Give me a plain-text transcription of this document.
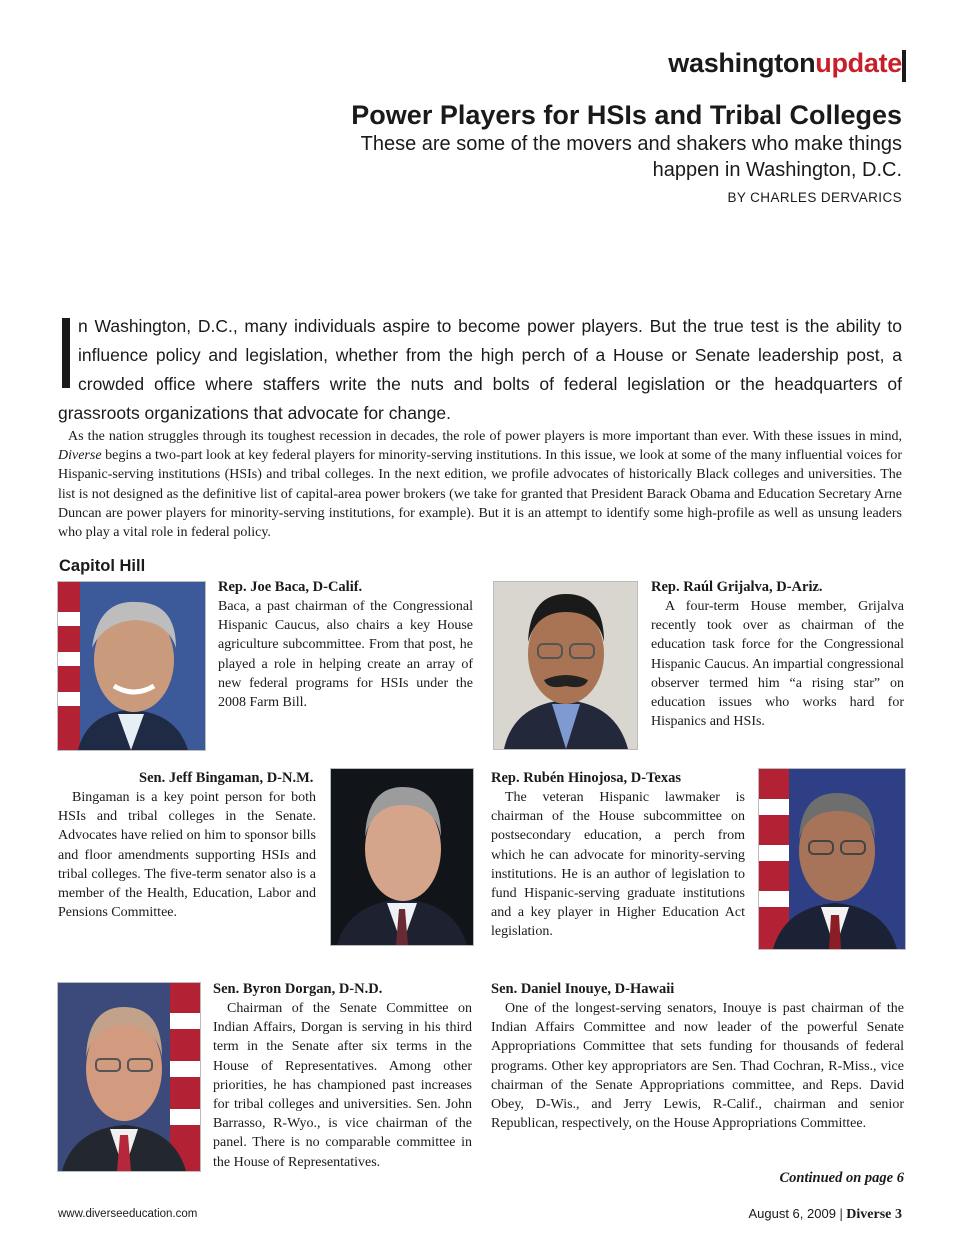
washingtonupdate
Power Players for HSIs and Tribal Colleges
These are some of the movers and shakers who make things happen in Washington, D.C.
BY CHARLES DERVARICS
n Washington, D.C., many individuals aspire to become power players. But the true test is the ability to influence policy and legislation, whether from the high perch of a House or Senate leadership post, a crowded office where staffers write the nuts and bolts of federal legislation or the headquarters of grassroots organizations that advocate for change.
As the nation struggles through its toughest recession in decades, the role of power players is more important than ever. With these issues in mind, Diverse begins a two-part look at key federal players for minority-serving institutions. In this issue, we look at some of the many influential voices for Hispanic-serving institutions (HSIs) and tribal colleges. In the next edition, we profile advocates of historically Black colleges and universities. The list is not designed as the definitive list of capital-area power brokers (we take for granted that President Barack Obama and Education Secretary Arne Duncan are power players for minority-serving institutions, for example). But it is an attempt to identify some high-profile as well as unsung leaders who play a vital role in federal policy.
Capitol Hill
Rep. Joe Baca, D-Calif.
Baca, a past chairman of the Congressional Hispanic Caucus, also chairs a key House agriculture subcommittee. From that post, he played a role in helping create an array of new federal programs for HSIs under the 2008 Farm Bill.
Rep. Raúl Grijalva, D-Ariz.
A four-term House member, Grijalva recently took over as chairman of the education task force for the Congressional Hispanic Caucus. An impartial congressional observer termed him “a rising star” on education issues who works hard for Hispanics and HSIs.
Sen. Jeff Bingaman, D-N.M.
Bingaman is a key point person for both HSIs and tribal colleges in the Senate. Advocates have relied on him to sponsor bills and floor amendments supporting HSIs and tribal colleges. The five-term senator also is a member of the Health, Education, Labor and Pensions Committee.
Rep. Rubén Hinojosa, D-Texas
The veteran Hispanic lawmaker is chairman of the House subcommittee on postsecondary education, a perch from which he can advocate for minority-serving institutions. He is an author of legislation to fund Hispanic-serving graduate institutions and a key player in Higher Education Act legislation.
Sen. Byron Dorgan, D-N.D.
Chairman of the Senate Committee on Indian Affairs, Dorgan is serving in his third term in the Senate after six terms in the House of Representatives. Among other priorities, he has championed past increases for tribal colleges and universities. Sen. John Barrasso, R-Wyo., is vice chairman of the panel. There is no comparable committee in the House of Representatives.
Sen. Daniel Inouye, D-Hawaii
One of the longest-serving senators, Inouye is past chairman of the Indian Affairs Committee and now leader of the powerful Senate Appropriations Committee that sets funding for thousands of federal programs. Other key appropriators are Sen. Thad Cochran, R-Miss., vice chairman of the Senate Appropriations committee, and Reps. David Obey, D-Wis., and Jerry Lewis, R-Calif., chairman and senior Republican, respectively, on the House Appropriations Committee.
Continued on page 6
www.diverseeducation.com	August 6, 2009 | Diverse 3
